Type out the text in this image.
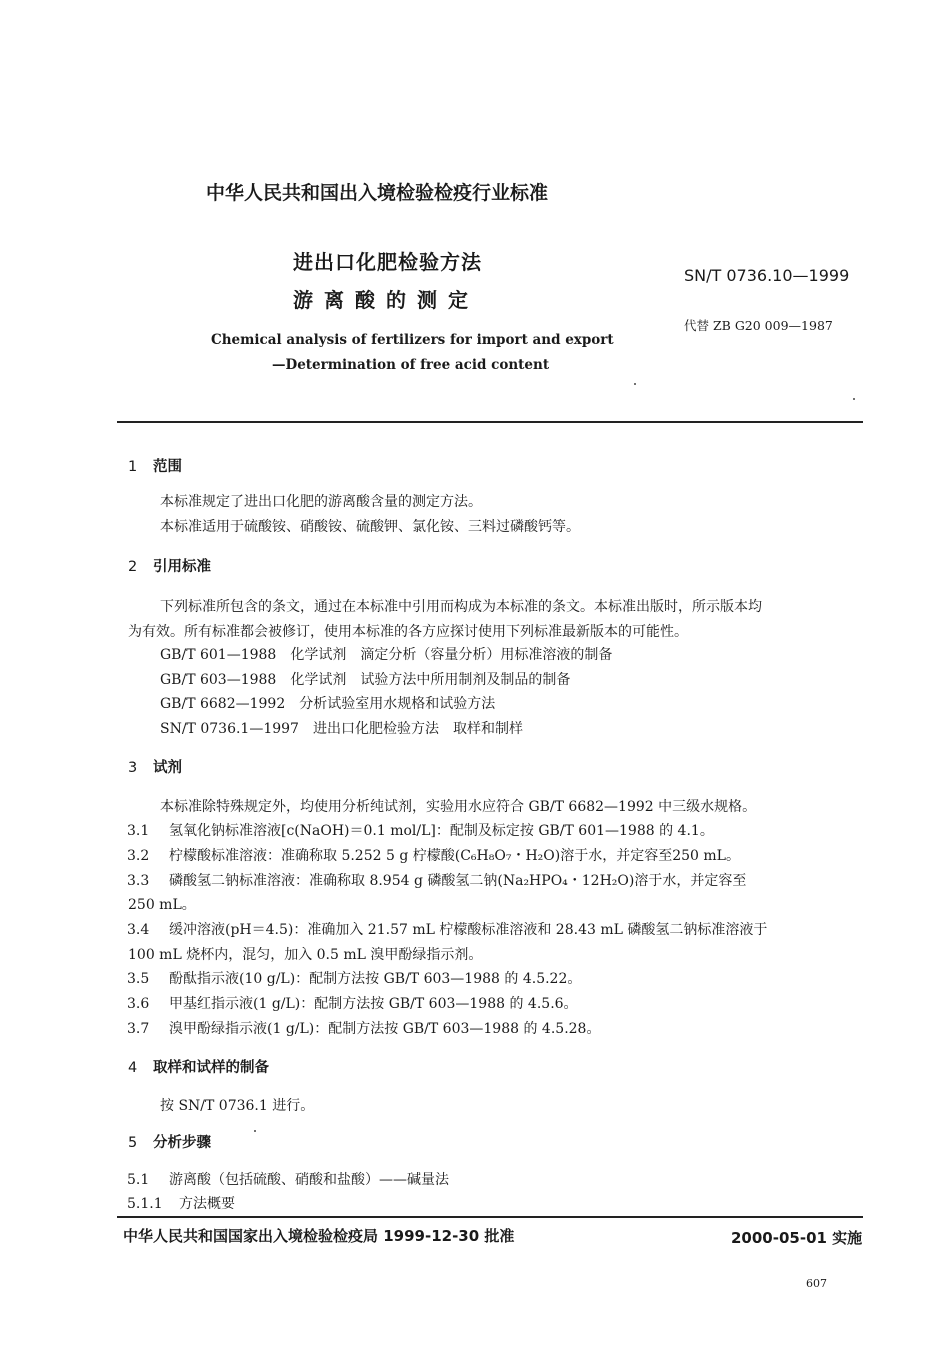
中华人民共和国出入境检验检疫行业标准
进出口化肥检验方法
游离酸的测定
SN/T 0736.10—1999
代替 ZB G20 009—1987
Chemical analysis of fertilizers for import and export
—Determination of free acid content
1 范围
本标准规定了进出口化肥的游离酸含量的测定方法。
本标准适用于硫酸铵、硝酸铵、硫酸钾、氯化铵、三料过磷酸钙等。
2 引用标准
下列标准所包含的条文，通过在本标准中引用而构成为本标准的条文。本标准出版时，所示版本均
为有效。所有标准都会被修订，使用本标准的各方应探讨使用下列标准最新版本的可能性。
GB/T 601—1988　化学试剂　滴定分析（容量分析）用标准溶液的制备
GB/T 603—1988　化学试剂　试验方法中所用制剂及制品的制备
GB/T 6682—1992　分析试验室用水规格和试验方法
SN/T 0736.1—1997　进出口化肥检验方法　取样和制样
3 试剂
本标准除特殊规定外，均使用分析纯试剂，实验用水应符合 GB/T 6682—1992 中三级水规格。
3.1 氢氧化钠标准溶液[c(NaOH)＝0.1 mol/L]：配制及标定按 GB/T 601—1988 的 4.1。
3.2 柠檬酸标准溶液：准确称取 5.252 5 g 柠檬酸(C₆H₈O₇・H₂O)溶于水，并定容至250 mL。
3.3 磷酸氢二钠标准溶液：准确称取 8.954 g 磷酸氢二钠(Na₂HPO₄・12H₂O)溶于水，并定容至
250 mL。
3.4 缓冲溶液(pH＝4.5)：准确加入 21.57 mL 柠檬酸标准溶液和 28.43 mL 磷酸氢二钠标准溶液于
100 mL 烧杯内，混匀，加入 0.5 mL 溴甲酚绿指示剂。
3.5 酚酞指示液(10 g/L)：配制方法按 GB/T 603—1988 的 4.5.22。
3.6 甲基红指示液(1 g/L)：配制方法按 GB/T 603—1988 的 4.5.6。
3.7 溴甲酚绿指示液(1 g/L)：配制方法按 GB/T 603—1988 的 4.5.28。
4 取样和试样的制备
按 SN/T 0736.1 进行。
5 分析步骤
5.1 游离酸（包括硫酸、硝酸和盐酸）——碱量法
5.1.1 方法概要
中华人民共和国国家出入境检验检疫局 1999-12-30 批准	2000-05-01 实施
607
